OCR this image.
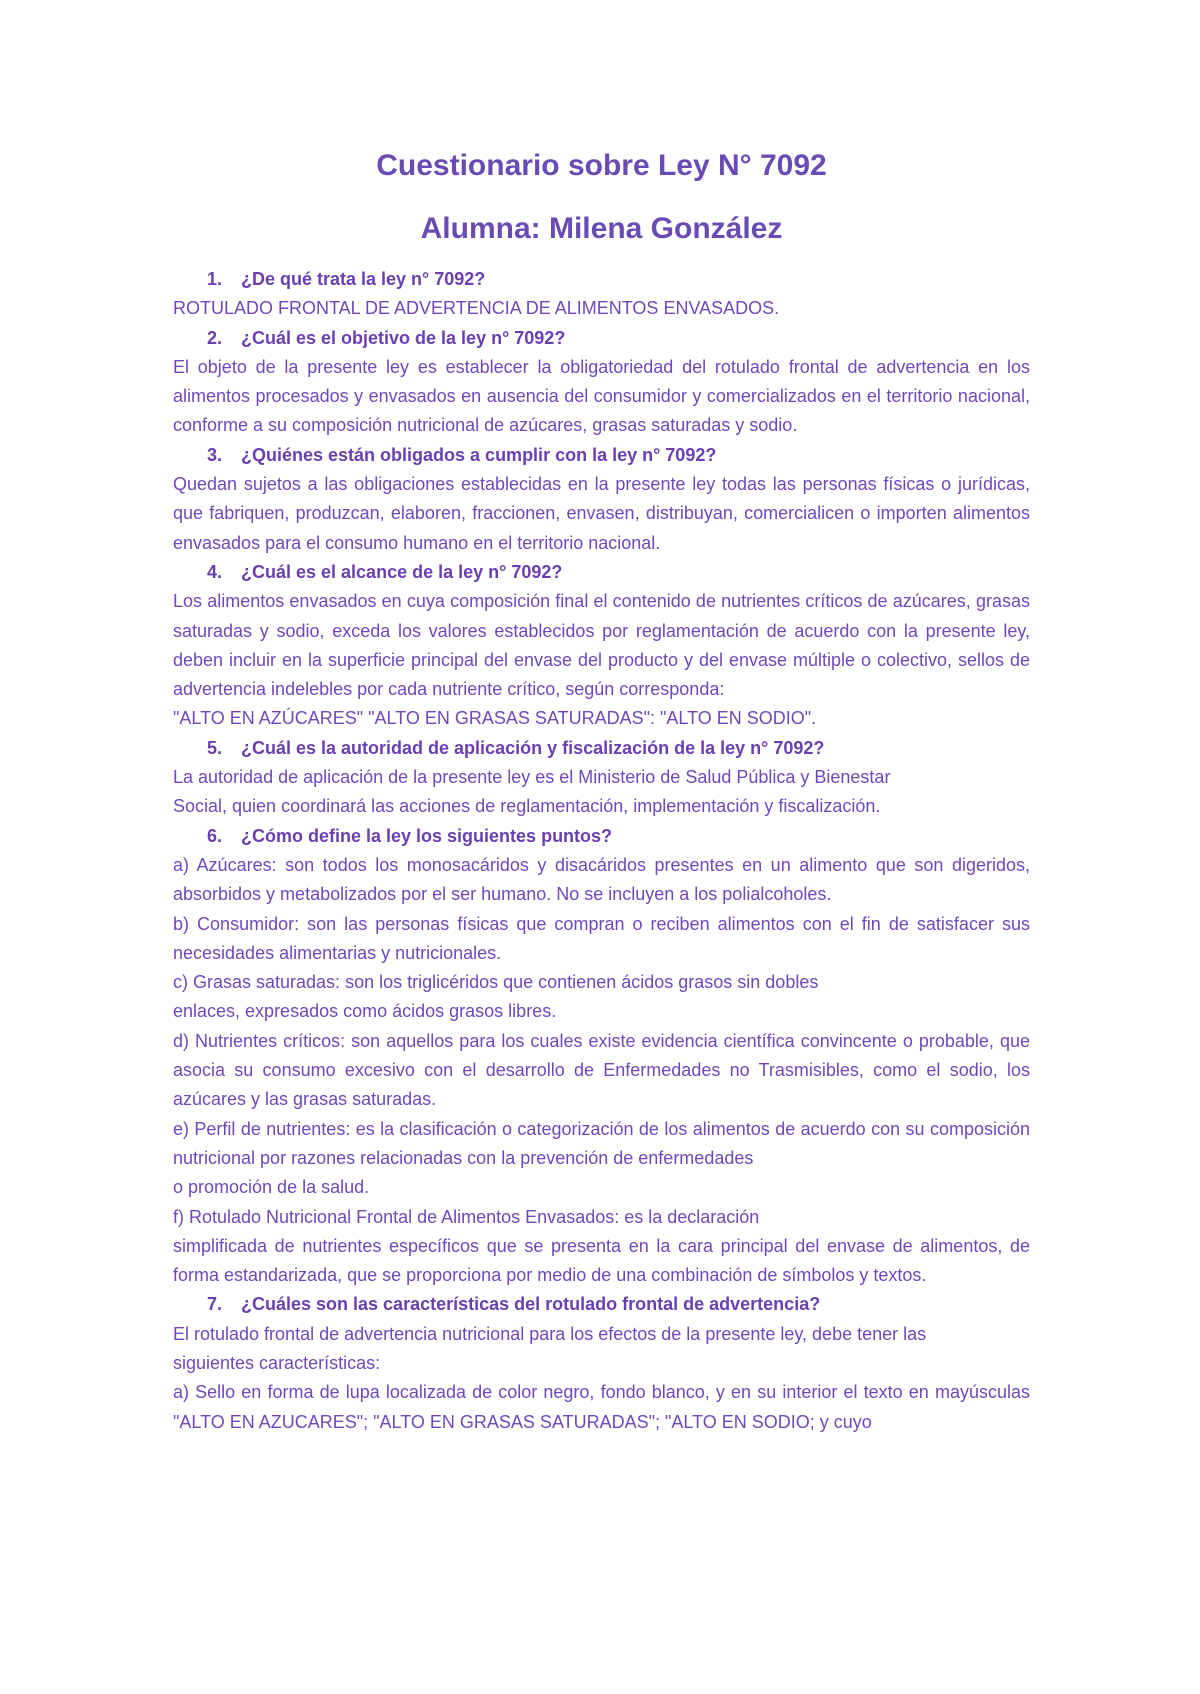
Cuestionario sobre Ley N° 7092
Alumna: Milena González

1. ¿De qué trata la ley n° 7092?

ROTULADO FRONTAL DE ADVERTENCIA DE ALIMENTOS ENVASADOS.

2. ¿Cuál es el objetivo de la ley n° 7092?

El objeto de la presente ley es establecer la obligatoriedad del rotulado frontal de advertencia en los alimentos procesados y envasados en ausencia del consumidor y comercializados en el territorio nacional, conforme a su composición nutricional de azúcares, grasas saturadas y sodio.

3. ¿Quiénes están obligados a cumplir con la ley n° 7092?

Quedan sujetos a las obligaciones establecidas en la presente ley todas las personas físicas o jurídicas, que fabriquen, produzcan, elaboren, fraccionen, envasen, distribuyan, comercialicen o importen alimentos envasados para el consumo humano en el territorio nacional.

4. ¿Cuál es el alcance de la ley n° 7092?

Los alimentos envasados en cuya composición final el contenido de nutrientes críticos de azúcares, grasas saturadas y sodio, exceda los valores establecidos por reglamentación de acuerdo con la presente ley, deben incluir en la superficie principal del envase del producto y del envase múltiple o colectivo, sellos de advertencia indelebles por cada nutriente crítico, según corresponda:

"ALTO EN AZÚCARES" "ALTO EN GRASAS SATURADAS": "ALTO EN SODIO".

5. ¿Cuál es la autoridad de aplicación y fiscalización de la ley n° 7092?

La autoridad de aplicación de la presente ley es el Ministerio de Salud Pública y Bienestar

Social, quien coordinará las acciones de reglamentación, implementación y fiscalización.

6. ¿Cómo define la ley los siguientes puntos?

a) Azúcares: son todos los monosacáridos y disacáridos presentes en un alimento que son digeridos, absorbidos y metabolizados por el ser humano. No se incluyen a los polialcoholes.

b) Consumidor: son las personas físicas que compran o reciben alimentos con el fin de satisfacer sus necesidades alimentarias y nutricionales.

c) Grasas saturadas: son los triglicéridos que contienen ácidos grasos sin dobles

enlaces, expresados como ácidos grasos libres.

d) Nutrientes críticos: son aquellos para los cuales existe evidencia científica convincente o probable, que asocia su consumo excesivo con el desarrollo de Enfermedades no Trasmisibles, como el sodio, los azúcares y las grasas saturadas.

e) Perfil de nutrientes: es la clasificación o categorización de los alimentos de acuerdo con su composición nutricional por razones relacionadas con la prevención de enfermedades

o promoción de la salud.

f) Rotulado Nutricional Frontal de Alimentos Envasados: es la declaración

simplificada de nutrientes específicos que se presenta en la cara principal del envase de alimentos, de forma estandarizada, que se proporciona por medio de una combinación de símbolos y textos.

7. ¿Cuáles son las características del rotulado frontal de advertencia?

El rotulado frontal de advertencia nutricional para los efectos de la presente ley, debe tener las

siguientes características:

a) Sello en forma de lupa localizada de color negro, fondo blanco, y en su interior el texto en mayúsculas "ALTO EN AZUCARES"; "ALTO EN GRASAS SATURADAS"; "ALTO EN SODIO; y cuyo
